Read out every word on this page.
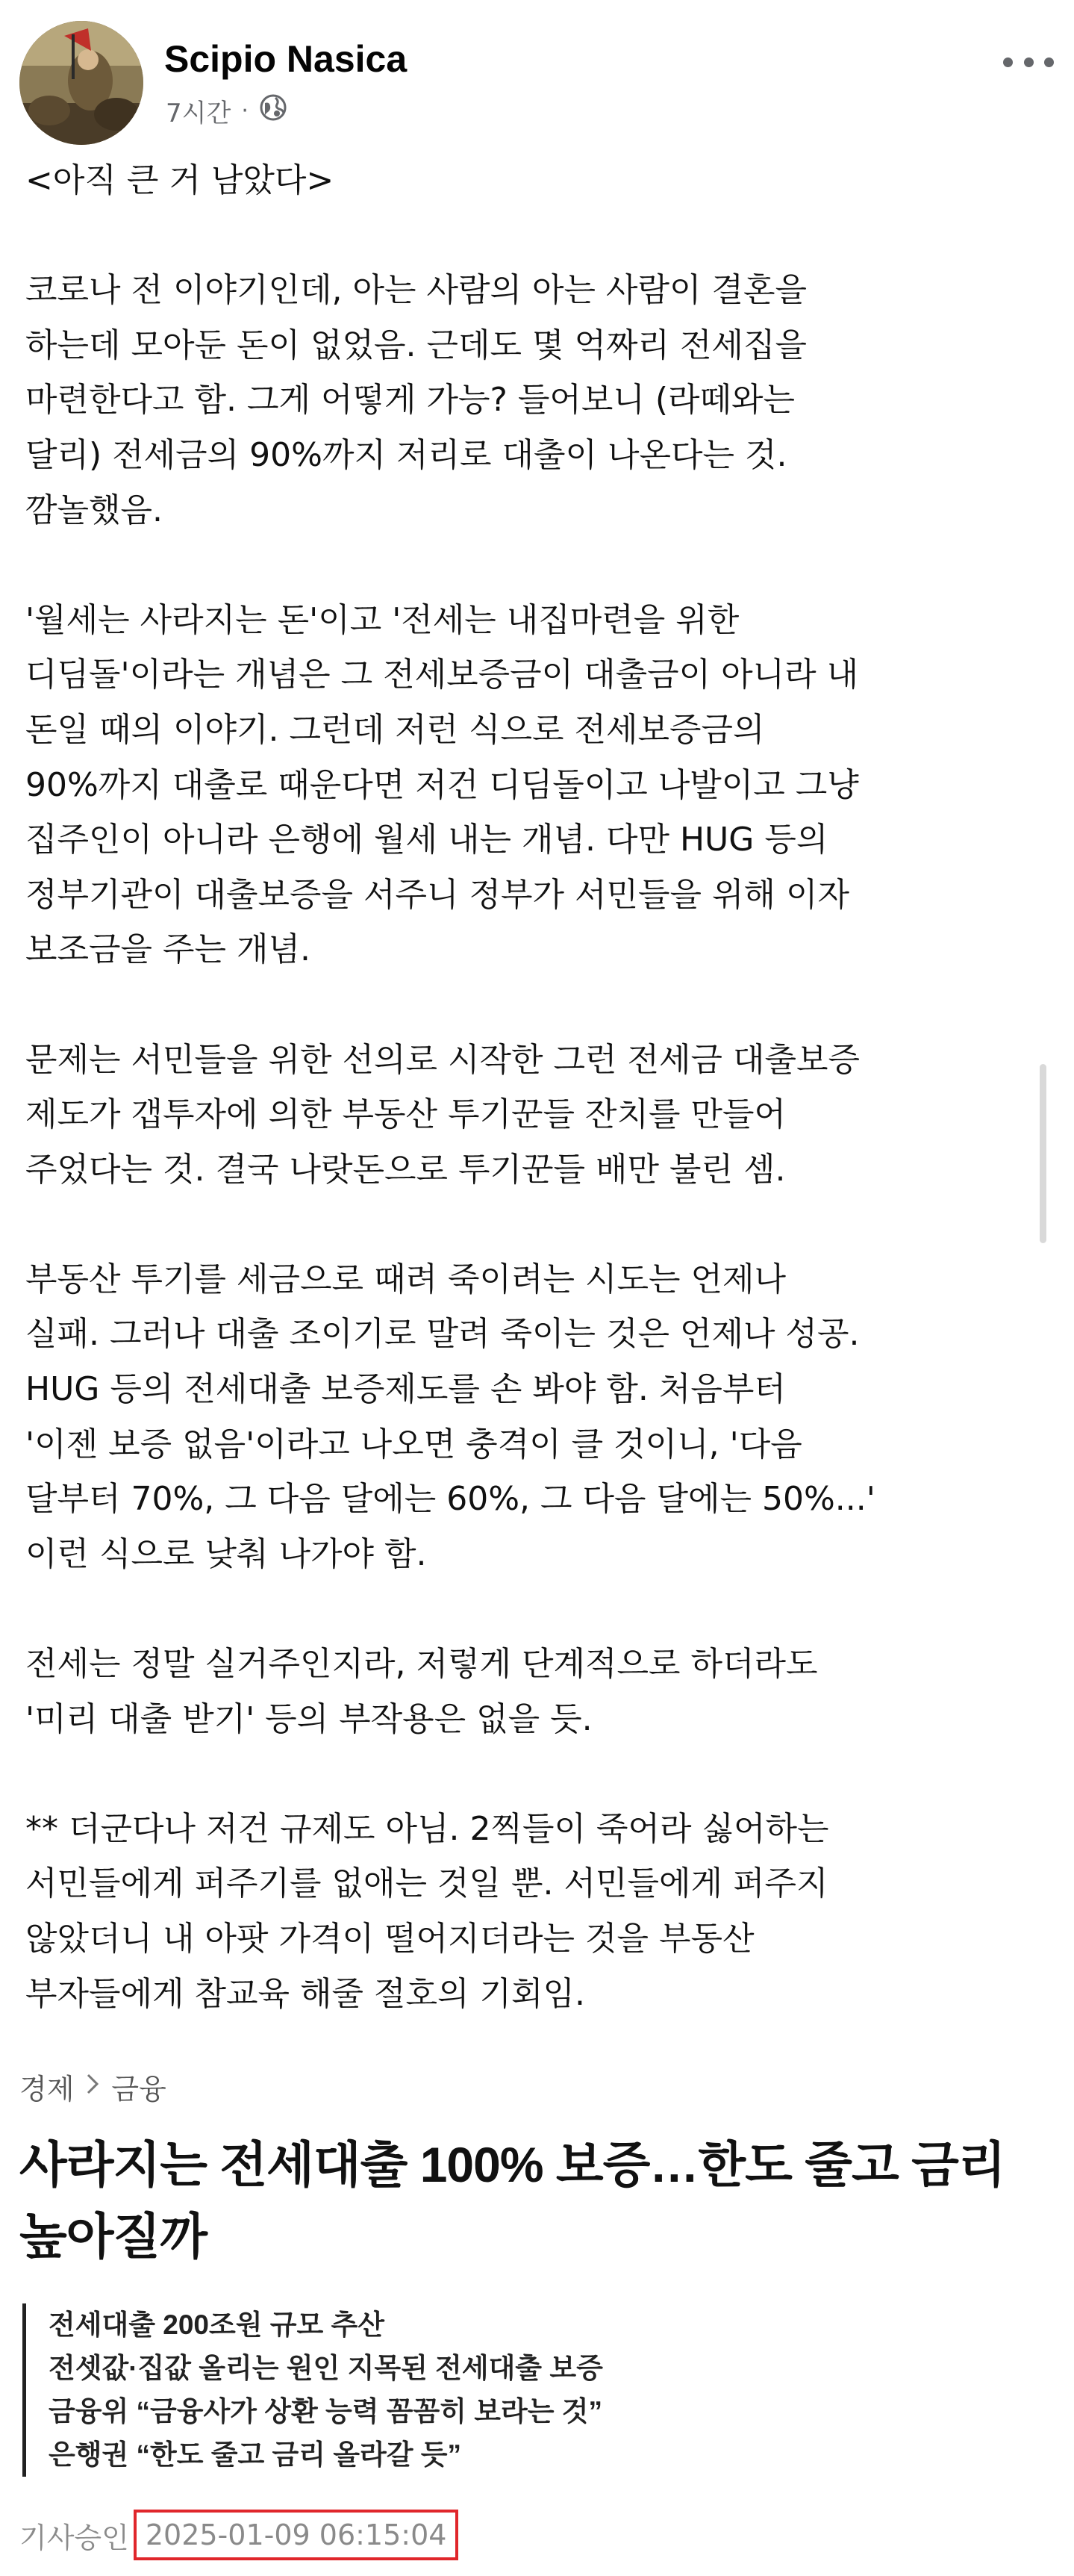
Scipio Nasica
7시간 ·

<아직 큰 거 남았다>

코로나 전 이야기인데, 아는 사람의 아는 사람이 결혼을

하는데 모아둔 돈이 없었음. 근데도 몇 억짜리 전세집을

마련한다고 함. 그게 어떻게 가능? 들어보니 (라떼와는

달리) 전세금의 90%까지 저리로 대출이 나온다는 것.

깜놀했음.

'월세는 사라지는 돈'이고 '전세는 내집마련을 위한

디딤돌'이라는 개념은 그 전세보증금이 대출금이 아니라 내

돈일 때의 이야기. 그런데 저런 식으로 전세보증금의

90%까지 대출로 때운다면 저건 디딤돌이고 나발이고 그냥

집주인이 아니라 은행에 월세 내는 개념. 다만 HUG 등의

정부기관이 대출보증을 서주니 정부가 서민들을 위해 이자

보조금을 주는 개념.

문제는 서민들을 위한 선의로 시작한 그런 전세금 대출보증

제도가 갭투자에 의한 부동산 투기꾼들 잔치를 만들어

주었다는 것. 결국 나랏돈으로 투기꾼들 배만 불린 셈.

부동산 투기를 세금으로 때려 죽이려는 시도는 언제나

실패. 그러나 대출 조이기로 말려 죽이는 것은 언제나 성공.

HUG 등의 전세대출 보증제도를 손 봐야 함. 처음부터

'이젠 보증 없음'이라고 나오면 충격이 클 것이니, '다음

달부터 70%, 그 다음 달에는 60%, 그 다음 달에는 50%...'

이런 식으로 낮춰 나가야 함.

전세는 정말 실거주인지라, 저렇게 단계적으로 하더라도

'미리 대출 받기' 등의 부작용은 없을 듯.

** 더군다나 저건 규제도 아님. 2찍들이 죽어라 싫어하는

서민들에게 퍼주기를 없애는 것일 뿐. 서민들에게 퍼주지

않았더니 내 아팟 가격이 떨어지더라는 것을 부동산

부자들에게 참교육 해줄 절호의 기회임.

경제 금융
사라지는 전세대출 100% 보증…한도 줄고 금리
높아질까
전세대출 200조원 규모 추산
전셋값·집값 올리는 원인 지목된 전세대출 보증
금융위 “금융사가 상환 능력 꼼꼼히 보라는 것”
은행권 “한도 줄고 금리 올라갈 듯”
기사승인 2025-01-09 06:15:04
